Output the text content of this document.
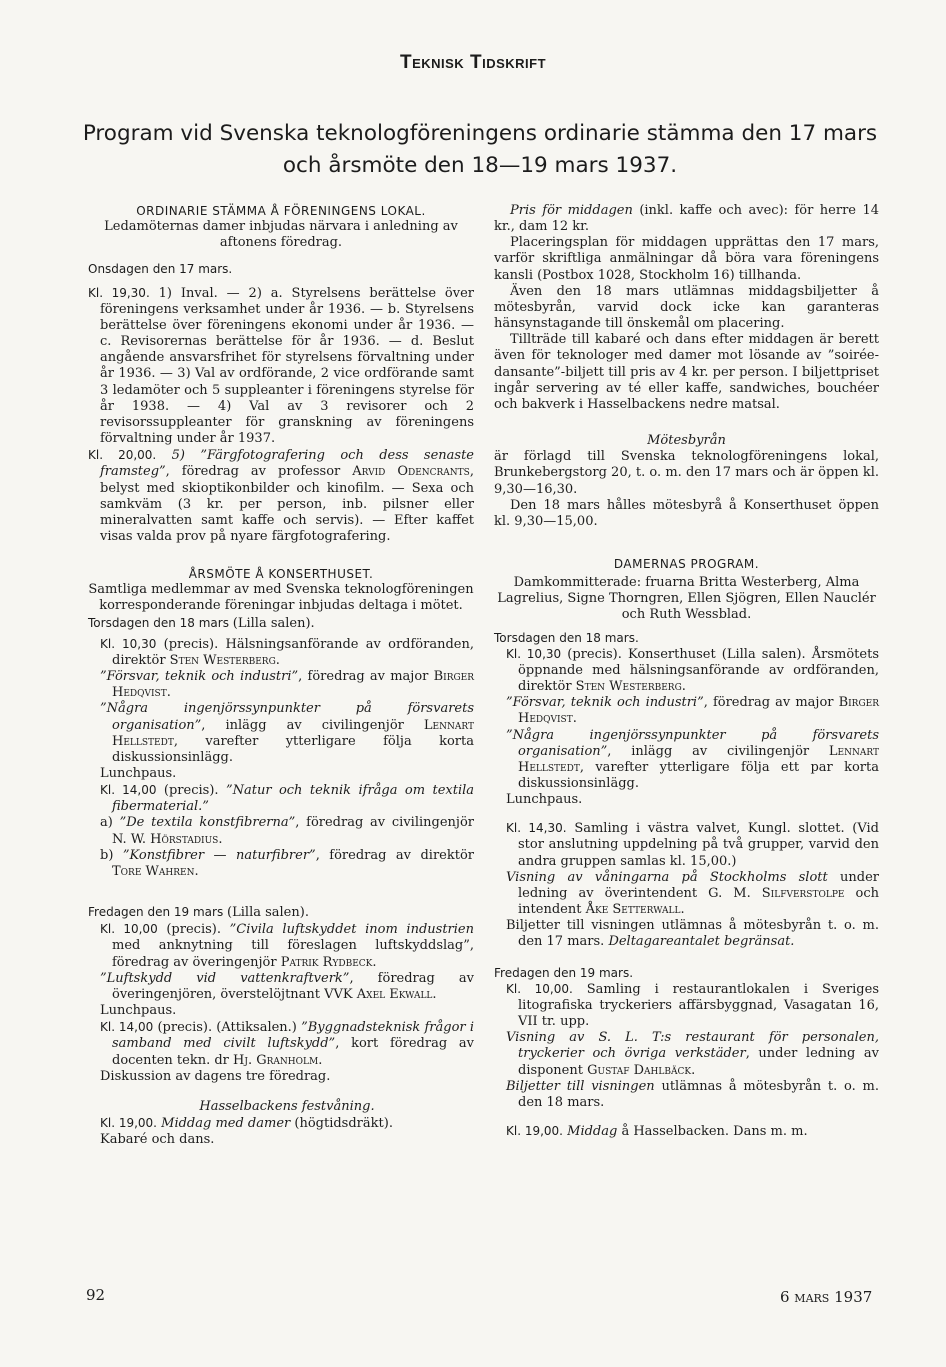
Teknisk Tidskrift
Program vid Svenska teknologföreningens ordinarie stämma den 17 mars
och årsmöte den 18—19 mars 1937.

ORDINARIE STÄMMA Å FÖRENINGENS LOKAL.

Ledamöternas damer inbjudas närvara i anledning av aftonens föredrag.

Onsdagen den 17 mars.

Kl. 19,30. 1) Inval. — 2) a. Styrelsens berättelse över föreningens verksamhet under år 1936. — b. Styrelsens berättelse över föreningens ekonomi under år 1936. — c. Revisorernas berättelse för år 1936. — d. Beslut angående ansvarsfrihet för styrelsens förvaltning under år 1936. — 3) Val av ordförande, 2 vice ordförande samt 3 ledamöter och 5 suppleanter i föreningens styrelse för år 1938. — 4) Val av 3 revisorer och 2 revisorssuppleanter för granskning av föreningens förvaltning under år 1937.

Kl. 20,00. 5) ”Färgfotografering och dess senaste framsteg”, föredrag av professor Arvid Odencrants, belyst med skioptikonbilder och kinofilm. — Sexa och samkväm (3 kr. per person, inb. pilsner eller mineralvatten samt kaffe och servis). — Efter kaffet visas valda prov på nyare färgfotografering.

ÅRSMÖTE Å KONSERTHUSET.

Samtliga medlemmar av med Svenska teknologföreningen korresponderande föreningar inbjudas deltaga i mötet.

Torsdagen den 18 mars (Lilla salen).

Kl. 10,30 (precis). Hälsningsanförande av ordföranden, direktör Sten Westerberg.

”Försvar, teknik och industri”, föredrag av major Birger Hedqvist.

”Några ingenjörssynpunkter på försvarets organisation”, inlägg av civilingenjör Lennart Hellstedt, varefter ytterligare följa korta diskussionsinlägg.

Lunchpaus.

Kl. 14,00 (precis). ”Natur och teknik ifråga om textila fibermaterial.”

a) ”De textila konstfibrerna”, föredrag av civilingenjör N. W. Hörstadius.

b) ”Konstfibrer — naturfibrer”, föredrag av direktör Tore Wahren.

Fredagen den 19 mars (Lilla salen).

Kl. 10,00 (precis). ”Civila luftskyddet inom industrien med anknytning till föreslagen luftskyddslag”, föredrag av överingenjör Patrik Rydbeck.

”Luftskydd vid vattenkraftverk”, föredrag av överingenjören, överstelöjtnant VVK Axel Ekwall.

Lunchpaus.

Kl. 14,00 (precis). (Attiksalen.) ”Byggnadsteknisk frågor i samband med civilt luftskydd”, kort föredrag av docenten tekn. dr Hj. Granholm.

Diskussion av dagens tre föredrag.

Hasselbackens festvåning.

Kl. 19,00. Middag med damer (högtidsdräkt).

Kabaré och dans.

Pris för middagen (inkl. kaffe och avec): för herre 14 kr., dam 12 kr.

Placeringsplan för middagen upprättas den 17 mars, varför skriftliga anmälningar då böra vara föreningens kansli (Postbox 1028, Stockholm 16) tillhanda.

Även den 18 mars utlämnas middagsbiljetter å mötesbyrån, varvid dock icke kan garanteras hänsynstagande till önskemål om placering.

Tillträde till kabaré och dans efter middagen är berett även för teknologer med damer mot lösande av ”soirée-dansante”-biljett till pris av 4 kr. per person. I biljettpriset ingår servering av té eller kaffe, sandwiches, bouchéer och bakverk i Hasselbackens nedre matsal.

Mötesbyrån

är förlagd till Svenska teknologföreningens lokal, Brunkebergstorg 20, t. o. m. den 17 mars och är öppen kl. 9,30—16,30.

Den 18 mars hålles mötesbyrå å Konserthuset öppen kl. 9,30—15,00.

DAMERNAS PROGRAM.

Damkommitterade: fruarna Britta Westerberg, Alma Lagrelius, Signe Thorngren, Ellen Sjögren, Ellen Nauclér och Ruth Wessblad.

Torsdagen den 18 mars.

Kl. 10,30 (precis). Konserthuset (Lilla salen). Årsmötets öppnande med hälsningsanförande av ordföranden, direktör Sten Westerberg.

”Försvar, teknik och industri”, föredrag av major Birger Hedqvist.

”Några ingenjörssynpunkter på försvarets organisation”, inlägg av civilingenjör Lennart Hellstedt, varefter ytterligare följa ett par korta diskussionsinlägg.

Lunchpaus.

Kl. 14,30. Samling i västra valvet, Kungl. slottet. (Vid stor anslutning uppdelning på två grupper, varvid den andra gruppen samlas kl. 15,00.)

Visning av våningarna på Stockholms slott under ledning av överintendent G. M. Silfverstolpe och intendent Åke Setterwall.

Biljetter till visningen utlämnas å mötesbyrån t. o. m. den 17 mars. Deltagareantalet begränsat.

Fredagen den 19 mars.

Kl. 10,00. Samling i restaurantlokalen i Sveriges litografiska tryckeriers affärsbyggnad, Vasagatan 16, VII tr. upp.

Visning av S. L. T:s restaurant för personalen, tryckerier och övriga verkstäder, under ledning av disponent Gustaf Dahlbäck.

Biljetter till visningen utlämnas å mötesbyrån t. o. m. den 18 mars.

Kl. 19,00. Middag å Hasselbacken. Dans m. m.

92	6 mars 1937
